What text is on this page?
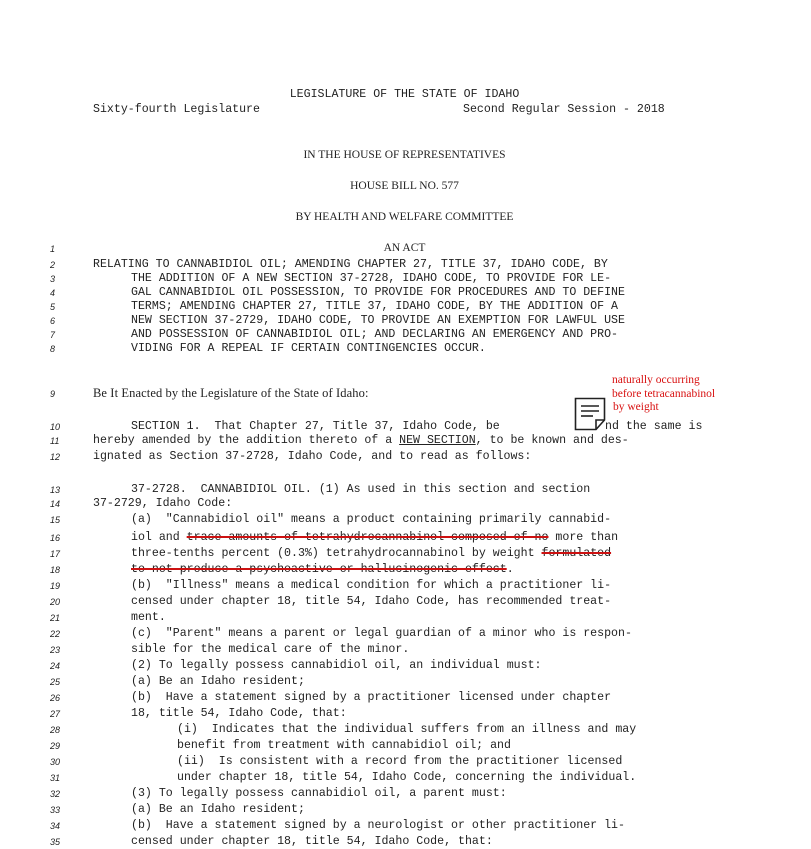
LEGISLATURE OF THE STATE OF IDAHO
Sixty-fourth Legislature	Second Regular Session - 2018
IN THE HOUSE OF REPRESENTATIVES
HOUSE BILL NO. 577
BY HEALTH AND WELFARE COMMITTEE
1
2
3
4
5
6
7
8
9
10
11
12
13
14
15
16
17
18
19
20
21
22
23
24
25
26
27
28
29
30
31
32
33
34
35
AN ACT
RELATING TO CANNABIDIOL OIL; AMENDING CHAPTER 27, TITLE 37, IDAHO CODE, BY
THE ADDITION OF A NEW SECTION 37-2728, IDAHO CODE, TO PROVIDE FOR LE-
GAL CANNABIDIOL OIL POSSESSION, TO PROVIDE FOR PROCEDURES AND TO DEFINE
TERMS; AMENDING CHAPTER 27, TITLE 37, IDAHO CODE, BY THE ADDITION OF A
NEW SECTION 37-2729, IDAHO CODE, TO PROVIDE AN EXEMPTION FOR LAWFUL USE
AND POSSESSION OF CANNABIDIOL OIL; AND DECLARING AN EMERGENCY AND PRO-
VIDING FOR A REPEAL IF CERTAIN CONTINGENCIES OCCUR.
Be It Enacted by the Legislature of the State of Idaho:
SECTION 1.  That Chapter 27, Title 37, Idaho Code, be	nd the same is
hereby amended by the addition thereto of a NEW SECTION, to be known and des-
ignated as Section 37-2728, Idaho Code, and to read as follows:
37-2728.  CANNABIDIOL OIL. (1) As used in this section and section
37-2729, Idaho Code:
(a)  "Cannabidiol oil" means a product containing primarily cannabid-
iol and trace amounts of tetrahydrocannabinol composed of no more than
three-tenths percent (0.3%) tetrahydrocannabinol by weight formulated
to not produce a psychoactive or hallucinogenic effect.
(b)  "Illness" means a medical condition for which a practitioner li-
censed under chapter 18, title 54, Idaho Code, has recommended treat-
ment.
(c)  "Parent" means a parent or legal guardian of a minor who is respon-
sible for the medical care of the minor.
(2) To legally possess cannabidiol oil, an individual must:
(a) Be an Idaho resident;
(b)  Have a statement signed by a practitioner licensed under chapter
18, title 54, Idaho Code, that:
(i)  Indicates that the individual suffers from an illness and may
benefit from treatment with cannabidiol oil; and
(ii)  Is consistent with a record from the practitioner licensed
under chapter 18, title 54, Idaho Code, concerning the individual.
(3) To legally possess cannabidiol oil, a parent must:
(a) Be an Idaho resident;
(b)  Have a statement signed by a neurologist or other practitioner li-
censed under chapter 18, title 54, Idaho Code, that:
naturally occurring
before tetracannabinol
by weight
